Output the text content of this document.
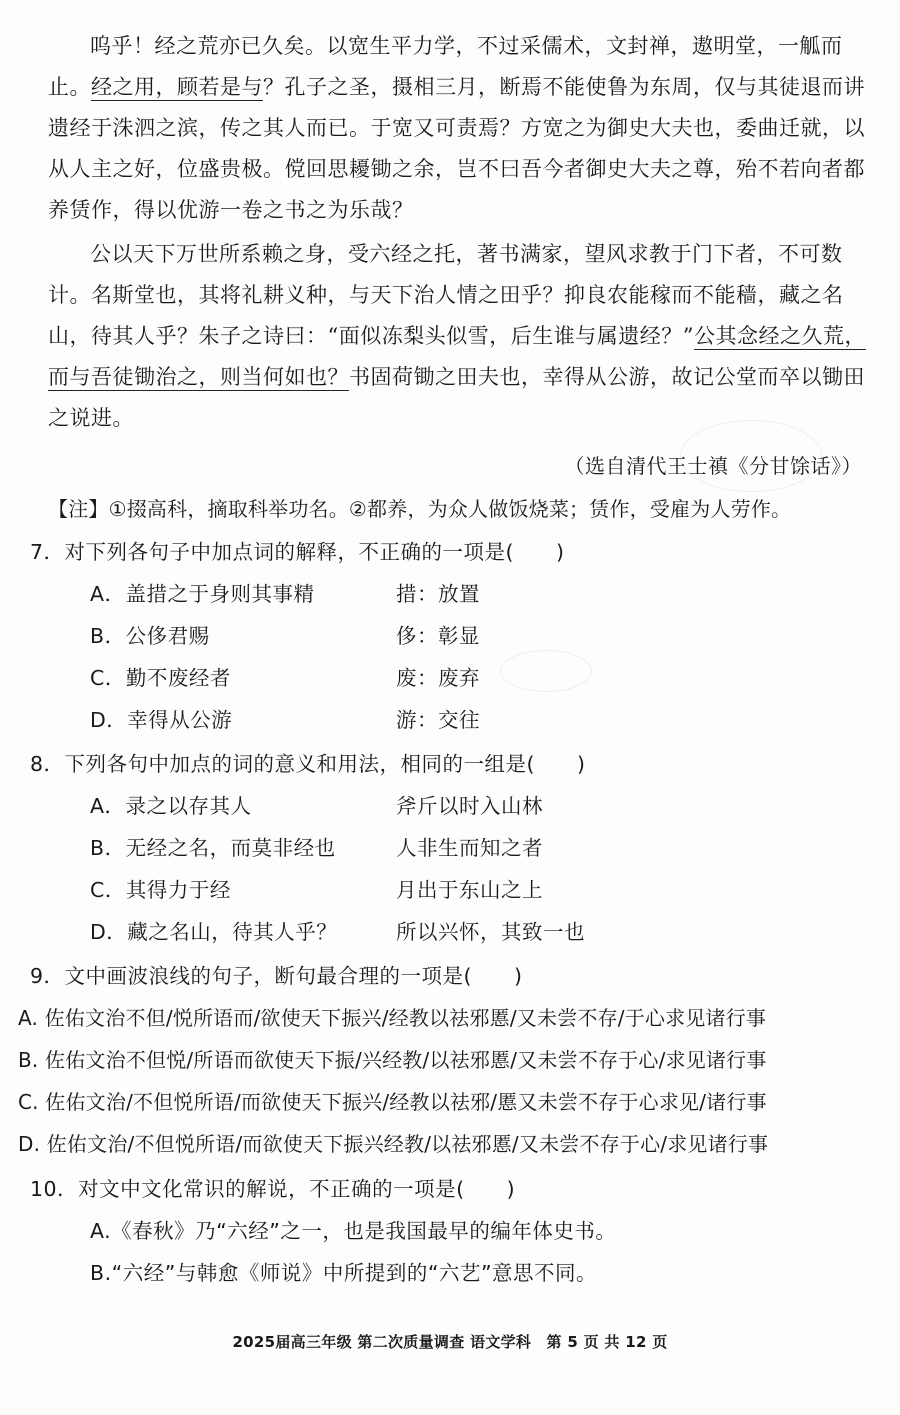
呜乎！经之荒亦已久矣。以宽生平力学，不过采儒术，文封禅，遨明堂，一觚而止。经之用，顾若是与？孔子之圣，摄相三月，断焉不能使鲁为东周，仅与其徒退而讲遗经于洙泗之滨，传之其人而已。于宽又可责焉？方宽之为御史大夫也，委曲迁就，以从人主之好，位盛贵极。傥回思耰锄之余，岂不曰吾今者御史大夫之尊，殆不若向者都养赁作，得以优游一卷之书之为乐哉？

公以天下万世所系赖之身，受六经之托，著书满家，望风求教于门下者，不可数计。名斯堂也，其将礼耕义种，与天下治人情之田乎？抑良农能稼而不能穑，藏之名山，待其人乎？朱子之诗曰：“面似冻梨头似雪，后生谁与属遗经？”公其念经之久荒，而与吾徒锄治之，则当何如也？书固荷锄之田夫也，幸得从公游，故记公堂而卒以锄田之说进。

（选自清代王士禛《分甘馀话》）
【注】①掇高科，摘取科举功名。②都养，为众人做饭烧菜；赁作，受雇为人劳作。
7．对下列各句子中加点词的解释，不正确的一项是(　　)
A．盖措之于身则其事精	措：放置
B．公侈君赐	侈：彰显
C．勤不废经者	废：废弃
D．幸得从公游	游：交往
8．下列各句中加点的词的意义和用法，相同的一组是(　　)
A．录之以存其人	斧斤以时入山林
B．无经之名，而莫非经也	人非生而知之者
C．其得力于经	月出于东山之上
D．藏之名山，待其人乎？	所以兴怀，其致一也
9．文中画波浪线的句子，断句最合理的一项是(　　)
A. 佐佑文治不但/悦所语而/欲使天下振兴/经教以祛邪慝/又未尝不存/于心求见诸行事
B. 佐佑文治不但悦/所语而欲使天下振/兴经教/以祛邪慝/又未尝不存于心/求见诸行事
C. 佐佑文治/不但悦所语/而欲使天下振兴/经教以祛邪/慝又未尝不存于心求见/诸行事
D. 佐佑文治/不但悦所语/而欲使天下振兴经教/以祛邪慝/又未尝不存于心/求见诸行事
10．对文中文化常识的解说，不正确的一项是(　　)
A.《春秋》乃“六经”之一，也是我国最早的编年体史书。
B.“六经”与韩愈《师说》中所提到的“六艺”意思不同。
2025届高三年级 第二次质量调查 语文学科　第 5 页 共 12 页
